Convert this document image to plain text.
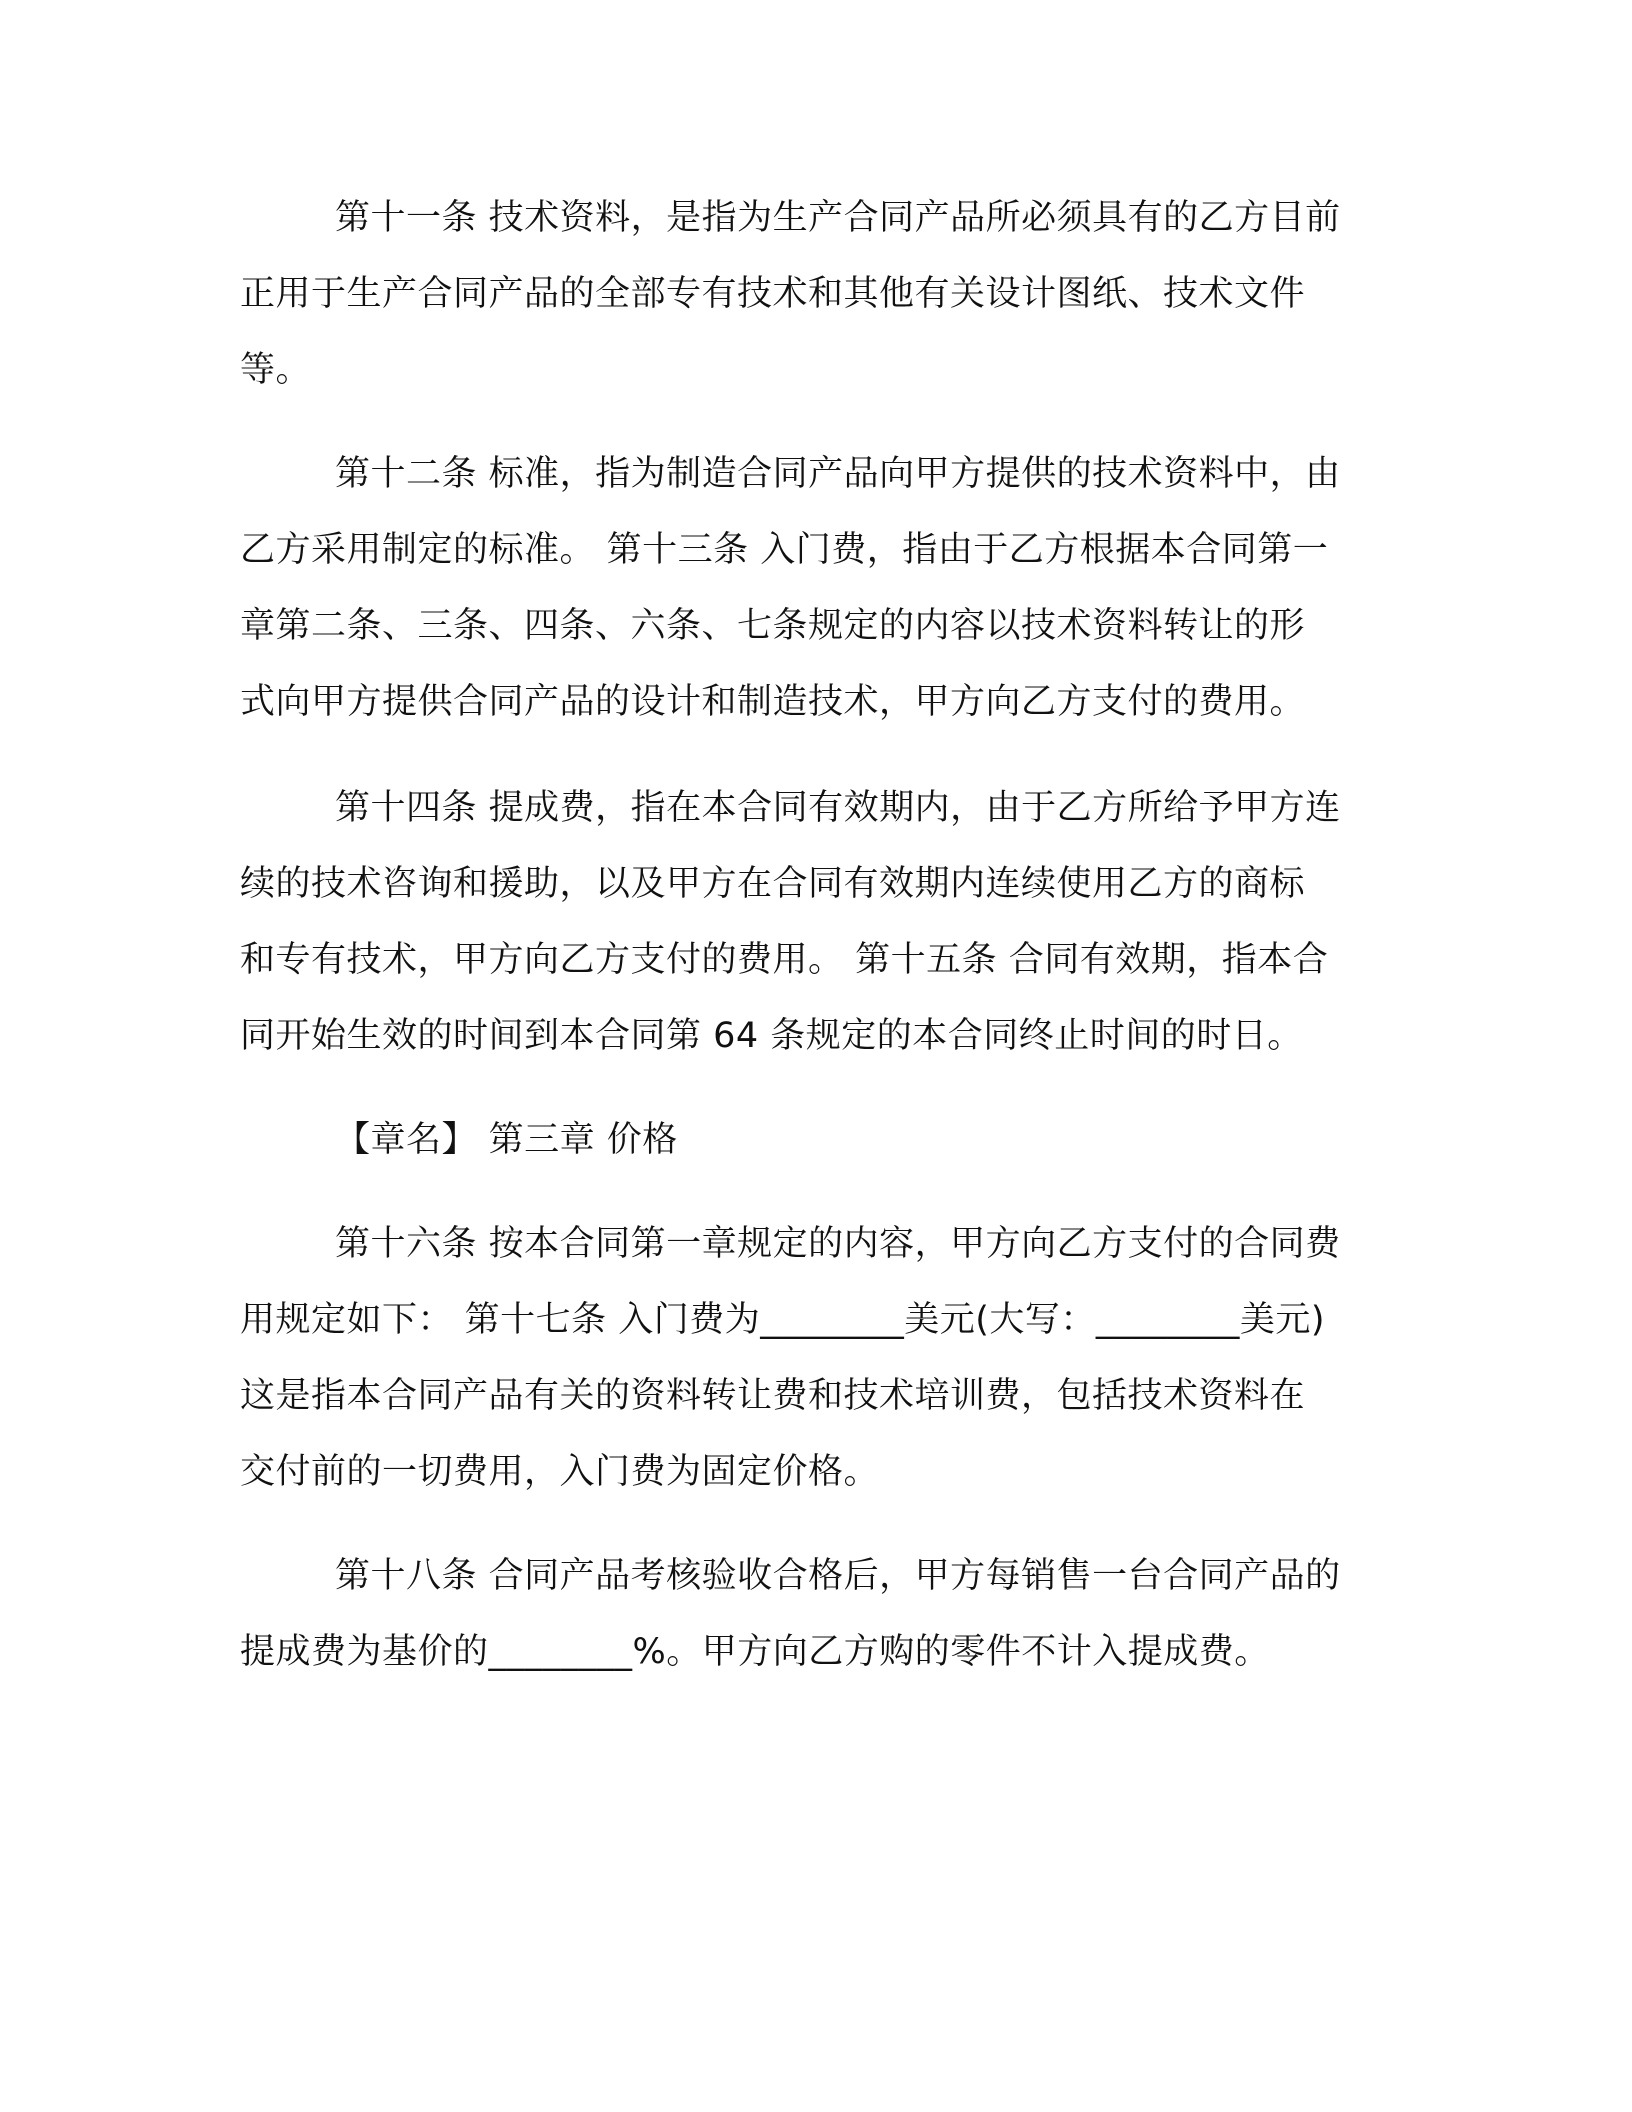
第十一条 技术资料，是指为生产合同产品所必须具有的乙方目前
正用于生产合同产品的全部专有技术和其他有关设计图纸、技术文件
等。
第十二条 标准，指为制造合同产品向甲方提供的技术资料中，由
乙方采用制定的标准。 第十三条 入门费，指由于乙方根据本合同第一
章第二条、三条、四条、六条、七条规定的内容以技术资料转让的形
式向甲方提供合同产品的设计和制造技术，甲方向乙方支付的费用。
第十四条 提成费，指在本合同有效期内，由于乙方所给予甲方连
续的技术咨询和援助，以及甲方在合同有效期内连续使用乙方的商标
和专有技术，甲方向乙方支付的费用。 第十五条 合同有效期，指本合
同开始生效的时间到本合同第 64 条规定的本合同终止时间的时日。
【章名】 第三章 价格
第十六条 按本合同第一章规定的内容，甲方向乙方支付的合同费
用规定如下： 第十七条 入门费为________美元(大写：________美元)
这是指本合同产品有关的资料转让费和技术培训费，包括技术资料在
交付前的一切费用，入门费为固定价格。
第十八条 合同产品考核验收合格后，甲方每销售一台合同产品的
提成费为基价的________%。甲方向乙方购的零件不计入提成费。
